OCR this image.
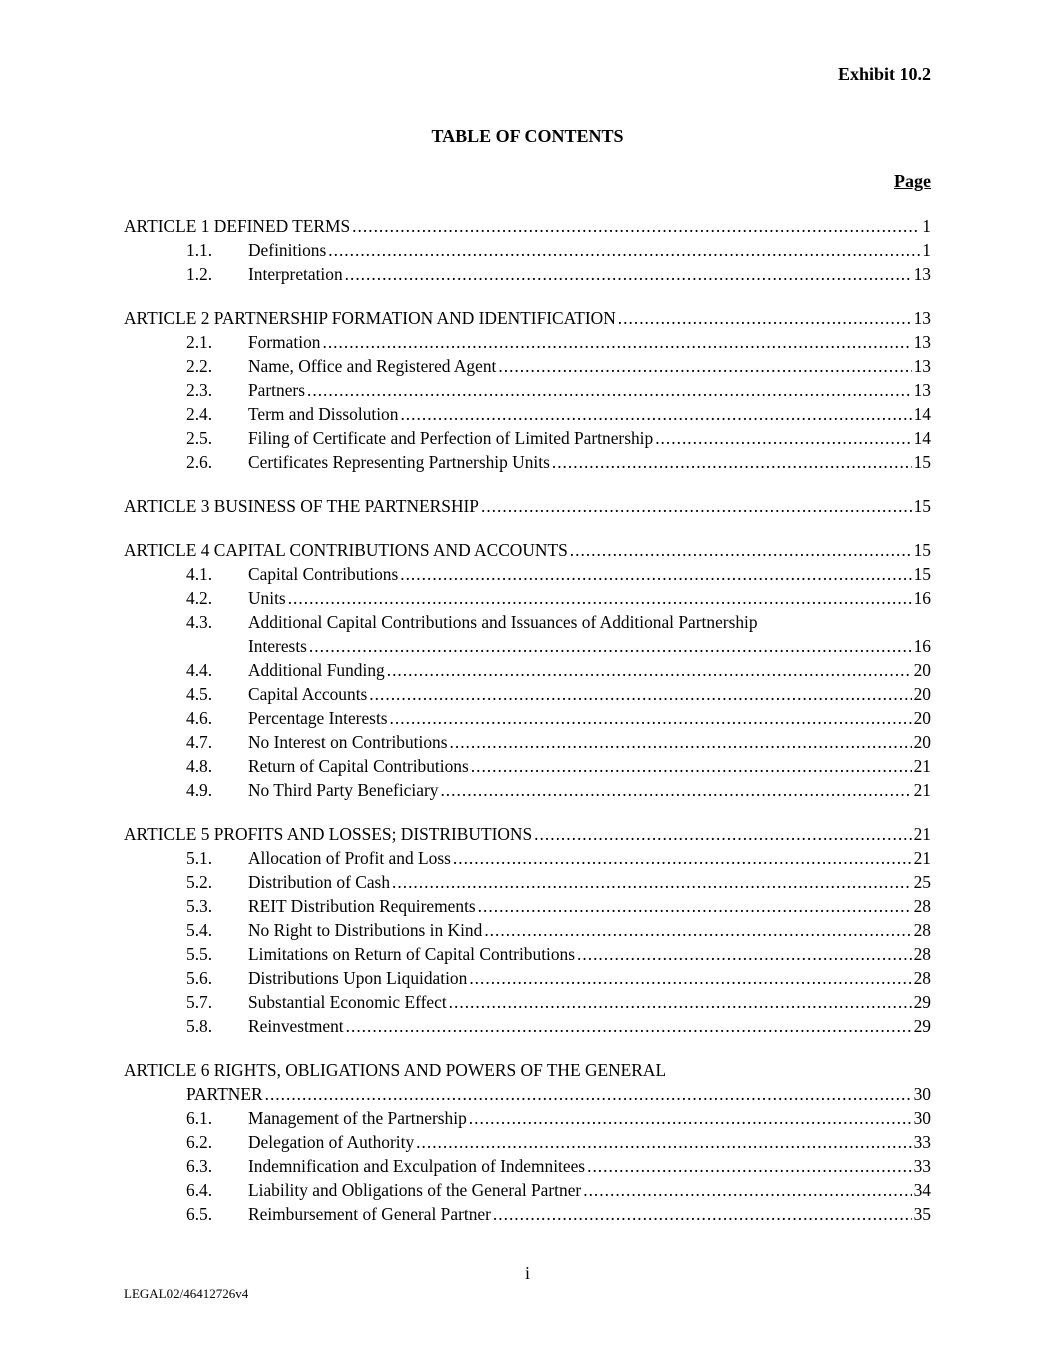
Exhibit 10.2
TABLE OF CONTENTS
Page
ARTICLE 1 DEFINED TERMS .....	1
1.1.	Definitions .....	1
1.2.	Interpretation .....	13
ARTICLE 2 PARTNERSHIP FORMATION AND IDENTIFICATION .....	13
2.1.	Formation .....	13
2.2.	Name, Office and Registered Agent .....	13
2.3.	Partners .....	13
2.4.	Term and Dissolution .....	14
2.5.	Filing of Certificate and Perfection of Limited Partnership .....	14
2.6.	Certificates Representing Partnership Units .....	15
ARTICLE 3 BUSINESS OF THE PARTNERSHIP .....	15
ARTICLE 4 CAPITAL CONTRIBUTIONS AND ACCOUNTS .....	15
4.1.	Capital Contributions .....	15
4.2.	Units .....	16
4.3.	Additional Capital Contributions and Issuances of Additional Partnership
Interests .....	16
4.4.	Additional Funding .....	20
4.5.	Capital Accounts .....	20
4.6.	Percentage Interests .....	20
4.7.	No Interest on Contributions .....	20
4.8.	Return of Capital Contributions .....	21
4.9.	No Third Party Beneficiary .....	21
ARTICLE 5 PROFITS AND LOSSES; DISTRIBUTIONS .....	21
5.1.	Allocation of Profit and Loss .....	21
5.2.	Distribution of Cash .....	25
5.3.	REIT Distribution Requirements .....	28
5.4.	No Right to Distributions in Kind .....	28
5.5.	Limitations on Return of Capital Contributions .....	28
5.6.	Distributions Upon Liquidation .....	28
5.7.	Substantial Economic Effect .....	29
5.8.	Reinvestment .....	29
ARTICLE 6 RIGHTS, OBLIGATIONS AND POWERS OF THE GENERAL
PARTNER .....	30
6.1.	Management of the Partnership .....	30
6.2.	Delegation of Authority .....	33
6.3.	Indemnification and Exculpation of Indemnitees .....	33
6.4.	Liability and Obligations of the General Partner .....	34
6.5.	Reimbursement of General Partner .....	35
i
LEGAL02/46412726v4
